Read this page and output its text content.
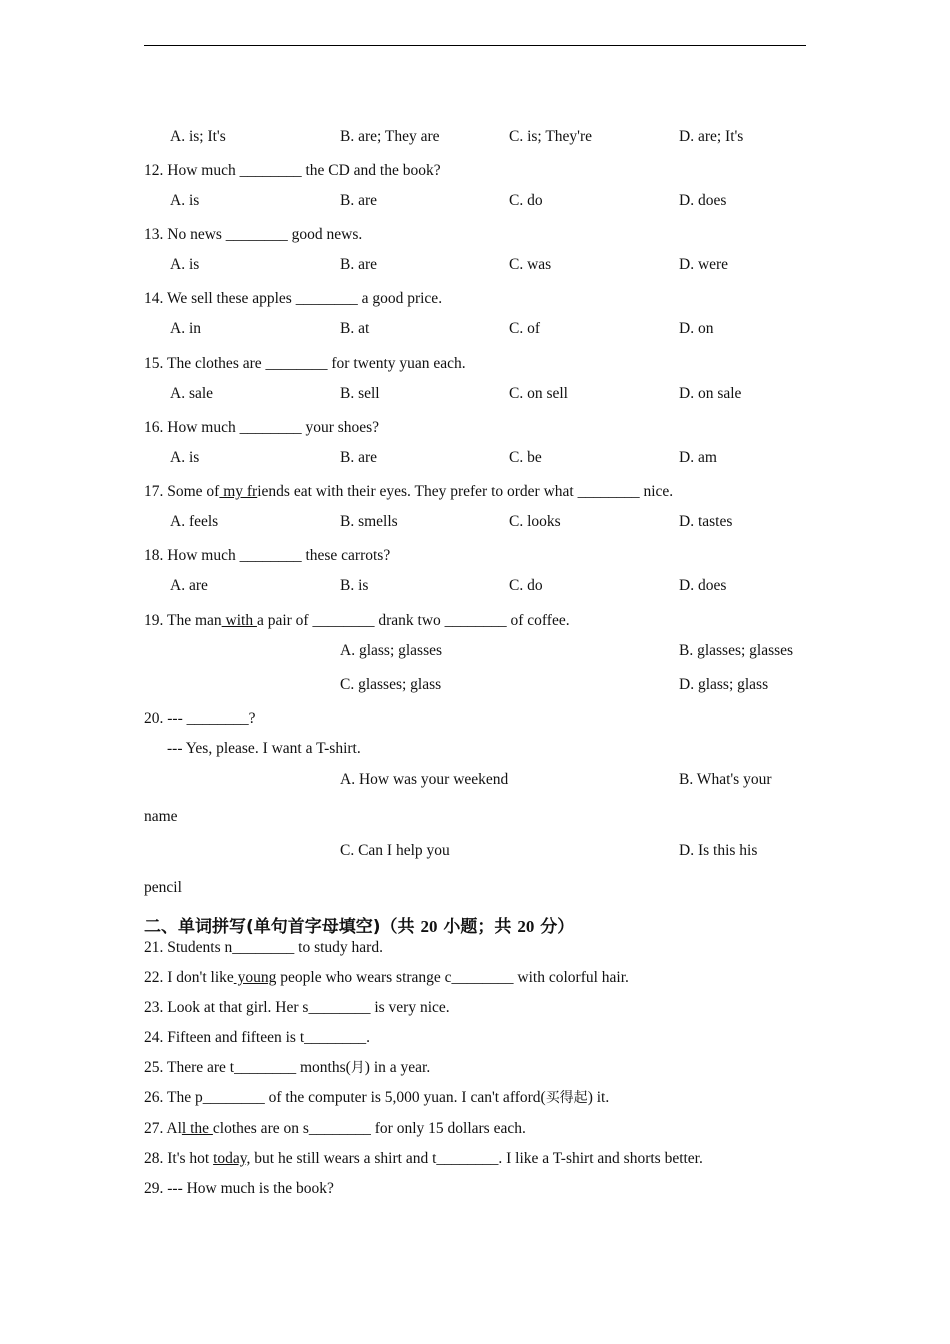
A. is; It's	B. are; They are	C. is; They're	D. are; It's
12. How much ________ the CD and the book?
A. is	B. are	C. do	D. does
13. No news ________ good news.
A. is	B. are	C. was	D. were
14. We sell these apples ________ a good price.
A. in	B. at	C. of	D. on
15. The clothes are ________ for twenty yuan each.
A. sale	B. sell	C. on sell	D. on sale
16. How much ________ your shoes?
A. is	B. are	C. be	D. am
17. Some of my friends eat with their eyes. They prefer to order what ________ nice.
A. feels	B. smells	C. looks	D. tastes
18. How much ________ these carrots?
A. are	B. is	C. do	D. does
19. The man with a pair of ________ drank two ________ of coffee.
A. glass; glasses	B. glasses; glasses
C. glasses; glass	D. glass; glass
20. --- ________?
--- Yes, please. I want a T-shirt.
A. How was your weekend	B. What's your
name
C. Can I help you	D. Is this his
pencil
二、单词拼写(单句首字母填空)（共 20 小题；共 20 分）
21. Students n________ to study hard.
22. I don't like young people who wears strange c________ with colorful hair.
23. Look at that girl. Her s________ is very nice.
24. Fifteen and fifteen is t________.
25. There are t________ months(月) in a year.
26. The p________ of the computer is 5,000 yuan. I can't afford(买得起) it.
27. All the clothes are on s________ for only 15 dollars each.
28. It's hot today, but he still wears a shirt and t________. I like a T-shirt and shorts better.
29. --- How much is the book?
